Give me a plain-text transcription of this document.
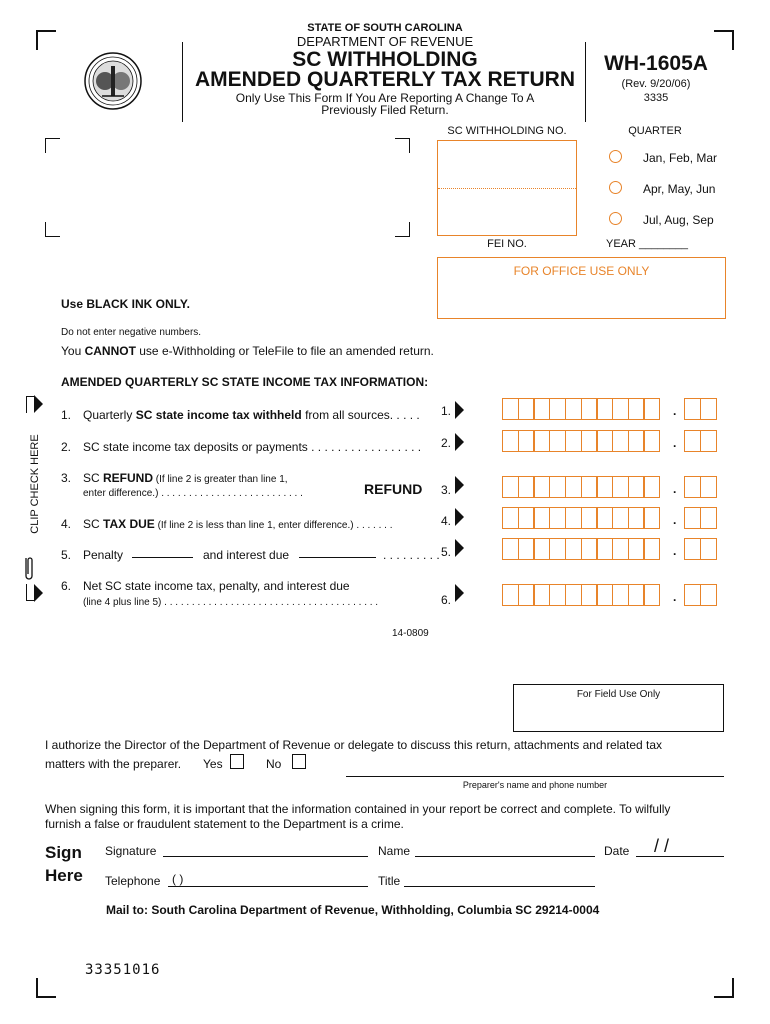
STATE OF SOUTH CAROLINA
DEPARTMENT OF REVENUE
SC WITHHOLDING
AMENDED QUARTERLY TAX RETURN
Only Use This Form If You Are Reporting A Change To A
Previously Filed Return.
WH-1605A
(Rev. 9/20/06)
3335
SC WITHHOLDING NO.
FEI NO.
QUARTER
Jan, Feb, Mar
Apr, May, Jun
Jul, Aug, Sep
YEAR ________
FOR OFFICE USE ONLY
Use BLACK INK ONLY.
Do not enter negative numbers.
You CANNOT use e-Withholding or TeleFile to file an amended return.
AMENDED QUARTERLY SC STATE INCOME TAX INFORMATION:
CLIP CHECK HERE
1. Quarterly SC state income tax withheld from all sources. . . . . 1.	.
2. SC state income tax deposits or payments . . . . . . . . . . . . . . . . . 2.	.
3. SC REFUND (If line 2 is greater than line 1,
enter difference.) . . . . . . . . . . . . . . . . . . . . . . . . . .	REFUND 3.	.
4. SC TAX DUE (If line 2 is less than line 1, enter difference.) . . . . . . .	4.	.
5. Penalty	and interest due	. . . . . . . . . 5.	.
6. Net SC state income tax, penalty, and interest due
(line 4 plus line 5) . . . . . . . . . . . . . . . . . . . . . . . . . . . . . . . . . . . . . . .	6.	.
14-0809
For Field Use Only
I authorize the Director of the Department of Revenue or delegate to discuss this return, attachments and related tax
matters with the preparer. Yes	No
Preparer's name and phone number
When signing this form, it is important that the information contained in your report be correct and complete. To wilfully
furnish a false or fraudulent statement to the Department is a crime.
Sign
Here
Signature	Name	Date / /
Telephone ( )	Title
Mail to: South Carolina Department of Revenue, Withholding, Columbia SC 29214-0004
33351016
